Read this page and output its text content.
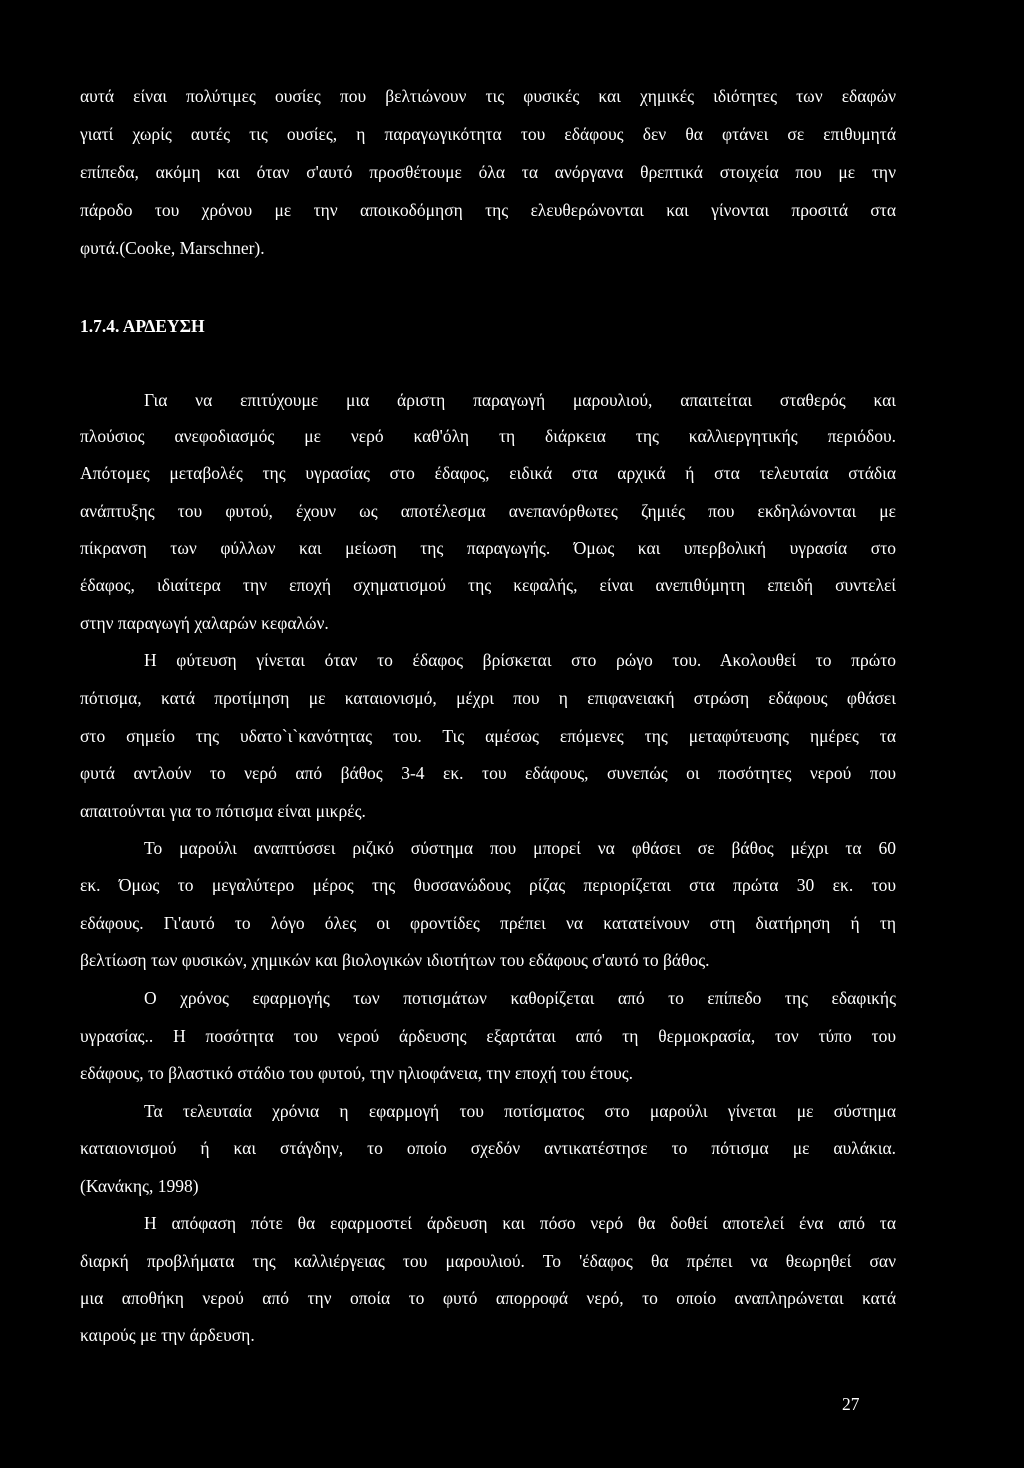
αυτά είναι πολύτιμες ουσίες που βελτιώνουν τις φυσικές και χημικές ιδιότητες των εδαφών
γιατί χωρίς αυτές τις ουσίες, η παραγωγικότητα του εδάφους δεν θα φτάνει σε επιθυμητά
επίπεδα, ακόμη και όταν σ'αυτό προσθέτουμε όλα τα ανόργανα θρεπτικά στοιχεία που με την
πάροδο του χρόνου με την αποικοδόμηση της ελευθερώνονται και γίνονται προσιτά στα
φυτά.(Cooke, Marschner).
1.7.4. ΑΡΔΕΥΣΗ
Για να επιτύχουμε μια άριστη παραγωγή μαρουλιού, απαιτείται σταθερός και
πλούσιος ανεφοδιασμός με νερό καθ'όλη τη διάρκεια της καλλιεργητικής περιόδου.
Απότομες μεταβολές της υγρασίας στο έδαφος, ειδικά στα αρχικά ή στα τελευταία στάδια
ανάπτυξης του φυτού, έχουν ως αποτέλεσμα ανεπανόρθωτες ζημιές που εκδηλώνονται με
πίκρανση των φύλλων και μείωση της παραγωγής. Όμως και υπερβολική υγρασία στο
έδαφος, ιδιαίτερα την εποχή σχηματισμού της κεφαλής, είναι ανεπιθύμητη επειδή συντελεί
στην παραγωγή χαλαρών κεφαλών.
Η φύτευση γίνεται όταν το έδαφος βρίσκεται στο ρώγο του. Ακολουθεί το πρώτο
πότισμα, κατά προτίμηση με καταιονισμό, μέχρι που η επιφανειακή στρώση εδάφους φθάσει
στο σημείο της υδατο`ι`κανότητας του. Τις αμέσως επόμενες της μεταφύτευσης ημέρες τα
φυτά αντλούν το νερό από βάθος 3-4 εκ. του εδάφους, συνεπώς οι ποσότητες νερού που
απαιτούνται για το πότισμα είναι μικρές.
Το μαρούλι αναπτύσσει ριζικό σύστημα που μπορεί να φθάσει σε βάθος μέχρι τα 60
εκ. Όμως το μεγαλύτερο μέρος της θυσσανώδους ρίζας περιορίζεται στα πρώτα 30 εκ. του
εδάφους. Γι'αυτό το λόγο όλες οι φροντίδες πρέπει να κατατείνουν στη διατήρηση ή τη
βελτίωση των φυσικών, χημικών και βιολογικών ιδιοτήτων του εδάφους σ'αυτό το βάθος.
Ο χρόνος εφαρμογής των ποτισμάτων καθορίζεται από το επίπεδο της εδαφικής
υγρασίας.. Η ποσότητα του νερού άρδευσης εξαρτάται από τη θερμοκρασία, τον τύπο του
εδάφους, το βλαστικό στάδιο του φυτού, την ηλιοφάνεια, την εποχή του έτους.
Τα τελευταία χρόνια η εφαρμογή του ποτίσματος στο μαρούλι γίνεται με σύστημα
καταιονισμού ή και στάγδην, το οποίο σχεδόν αντικατέστησε το πότισμα με αυλάκια.
(Κανάκης, 1998)
Η απόφαση πότε θα εφαρμοστεί άρδευση και πόσο νερό θα δοθεί αποτελεί ένα από τα
διαρκή προβλήματα της καλλιέργειας του μαρουλιού. Το 'έδαφος θα πρέπει να θεωρηθεί σαν
μια αποθήκη νερού από την οποία το φυτό απορροφά νερό, το οποίο αναπληρώνεται κατά
καιρούς με την άρδευση.
27
